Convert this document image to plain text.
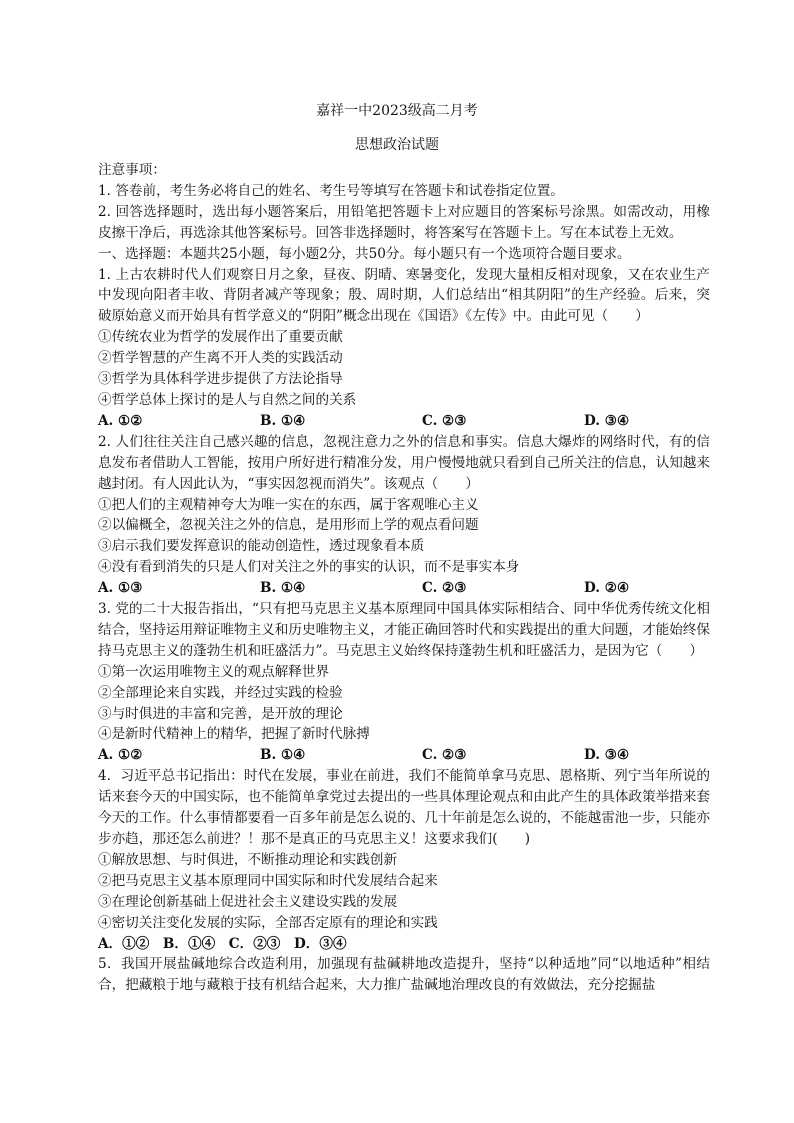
嘉祥一中2023级高二月考
思想政治试题
注意事项：
1. 答卷前，考生务必将自己的姓名、考生号等填写在答题卡和试卷指定位置。
2. 回答选择题时，选出每小题答案后，用铅笔把答题卡上对应题目的答案标号涂黑。如需改动，用橡皮擦干净后，再选涂其他答案标号。回答非选择题时，将答案写在答题卡上。写在本试卷上无效。
一、选择题：本题共25小题，每小题2分，共50分。每小题只有一个选项符合题目要求。
1. 上古农耕时代人们观察日月之象，昼夜、阴晴、寒暑变化，发现大量相反相对现象，又在农业生产中发现向阳者丰收、背阴者减产等现象；殷、周时期，人们总结出“相其阴阳”的生产经验。后来，突破原始意义而开始具有哲学意义的“阴阳”概念出现在《国语》《左传》中。由此可见（　　）
①传统农业为哲学的发展作出了重要贡献
②哲学智慧的产生离不开人类的实践活动
③哲学为具体科学进步提供了方法论指导
④哲学总体上探讨的是人与自然之间的关系
A. ①②	B. ①④	C. ②③	D. ③④
2. 人们往往关注自己感兴趣的信息，忽视注意力之外的信息和事实。信息大爆炸的网络时代，有的信息发布者借助人工智能，按用户所好进行精准分发，用户慢慢地就只看到自己所关注的信息，认知越来越封闭。有人因此认为，“事实因忽视而消失”。该观点（　　）
①把人们的主观精神夸大为唯一实在的东西，属于客观唯心主义
②以偏概全，忽视关注之外的信息，是用形而上学的观点看问题
③启示我们要发挥意识的能动创造性，透过现象看本质
④没有看到消失的只是人们对关注之外的事实的认识，而不是事实本身
A. ①③	B. ①④	C. ②③	D. ②④
3. 党的二十大报告指出，“只有把马克思主义基本原理同中国具体实际相结合、同中华优秀传统文化相结合，坚持运用辩证唯物主义和历史唯物主义，才能正确回答时代和实践提出的重大问题，才能始终保持马克思主义的蓬勃生机和旺盛活力”。马克思主义始终保持蓬勃生机和旺盛活力，是因为它（　　）
①第一次运用唯物主义的观点解释世界
②全部理论来自实践，并经过实践的检验
③与时俱进的丰富和完善，是开放的理论
④是新时代精神上的精华，把握了新时代脉搏
A. ①②	B. ①④	C. ②③	D. ③④
4．习近平总书记指出：时代在发展，事业在前进，我们不能简单拿马克思、恩格斯、列宁当年所说的话来套今天的中国实际，也不能简单拿党过去提出的一些具体理论观点和由此产生的具体政策举措来套今天的工作。什么事情都要看一百多年前是怎么说的、几十年前是怎么说的，不能越雷池一步，只能亦步亦趋，那还怎么前进？！那不是真正的马克思主义！这要求我们(　　)
①解放思想、与时俱进，不断推动理论和实践创新
②把马克思主义基本原理同中国实际和时代发展结合起来
③在理论创新基础上促进社会主义建设实践的发展
④密切关注变化发展的实际，全部否定原有的理论和实践
A．①②　B．①④　C．②③　D．③④
5．我国开展盐碱地综合改造利用，加强现有盐碱耕地改造提升，坚持“以种适地”同“以地适种”相结合，把藏粮于地与藏粮于技有机结合起来，大力推广盐碱地治理改良的有效做法，充分挖掘盐
